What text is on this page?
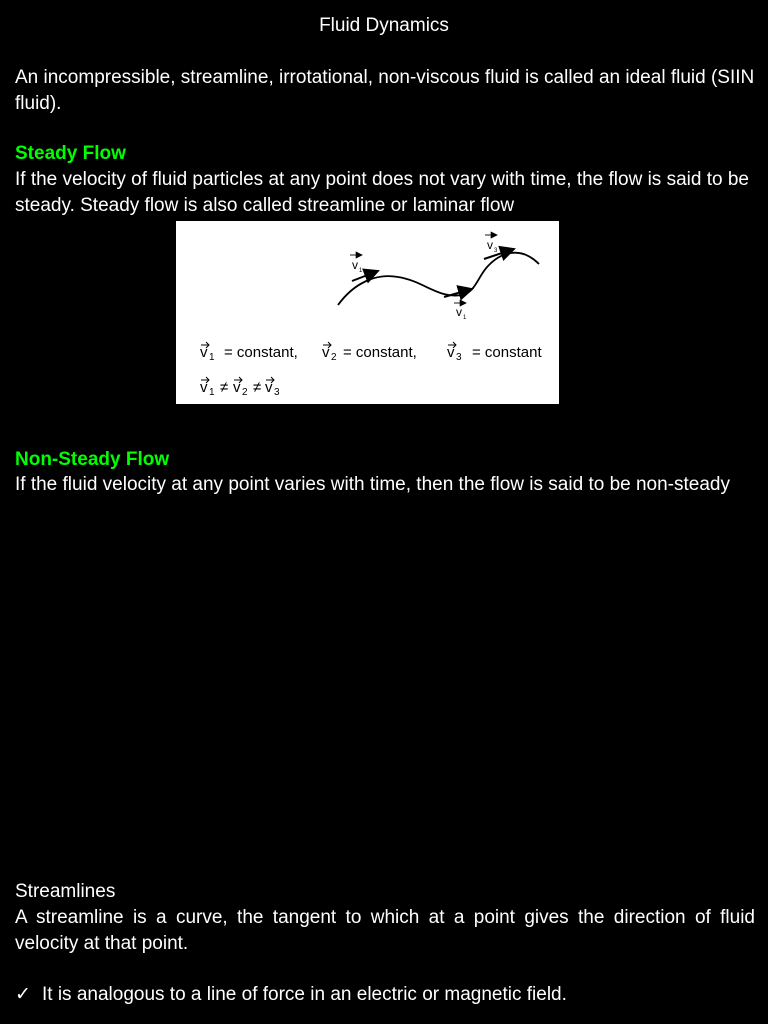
Fluid Dynamics
An incompressible, streamline, irrotational, non-viscous fluid is called an ideal fluid (SIIN fluid).
Steady Flow
If the velocity of fluid particles at any point does not vary with time, the flow is said to be steady. Steady flow is also called streamline or laminar flow
v 1
v 1
v 3
v 1 = constant, v 2 = constant, v 3 = constant
v 1 ≠ v 2 ≠ v 3
Non-Steady Flow
If the fluid velocity at any point varies with time, then the flow is said to be non-steady
Streamlines
A streamline is a curve, the tangent to which at a point gives the direction of fluid velocity at that point.
✓ It is analogous to a line of force in an electric or magnetic field.
